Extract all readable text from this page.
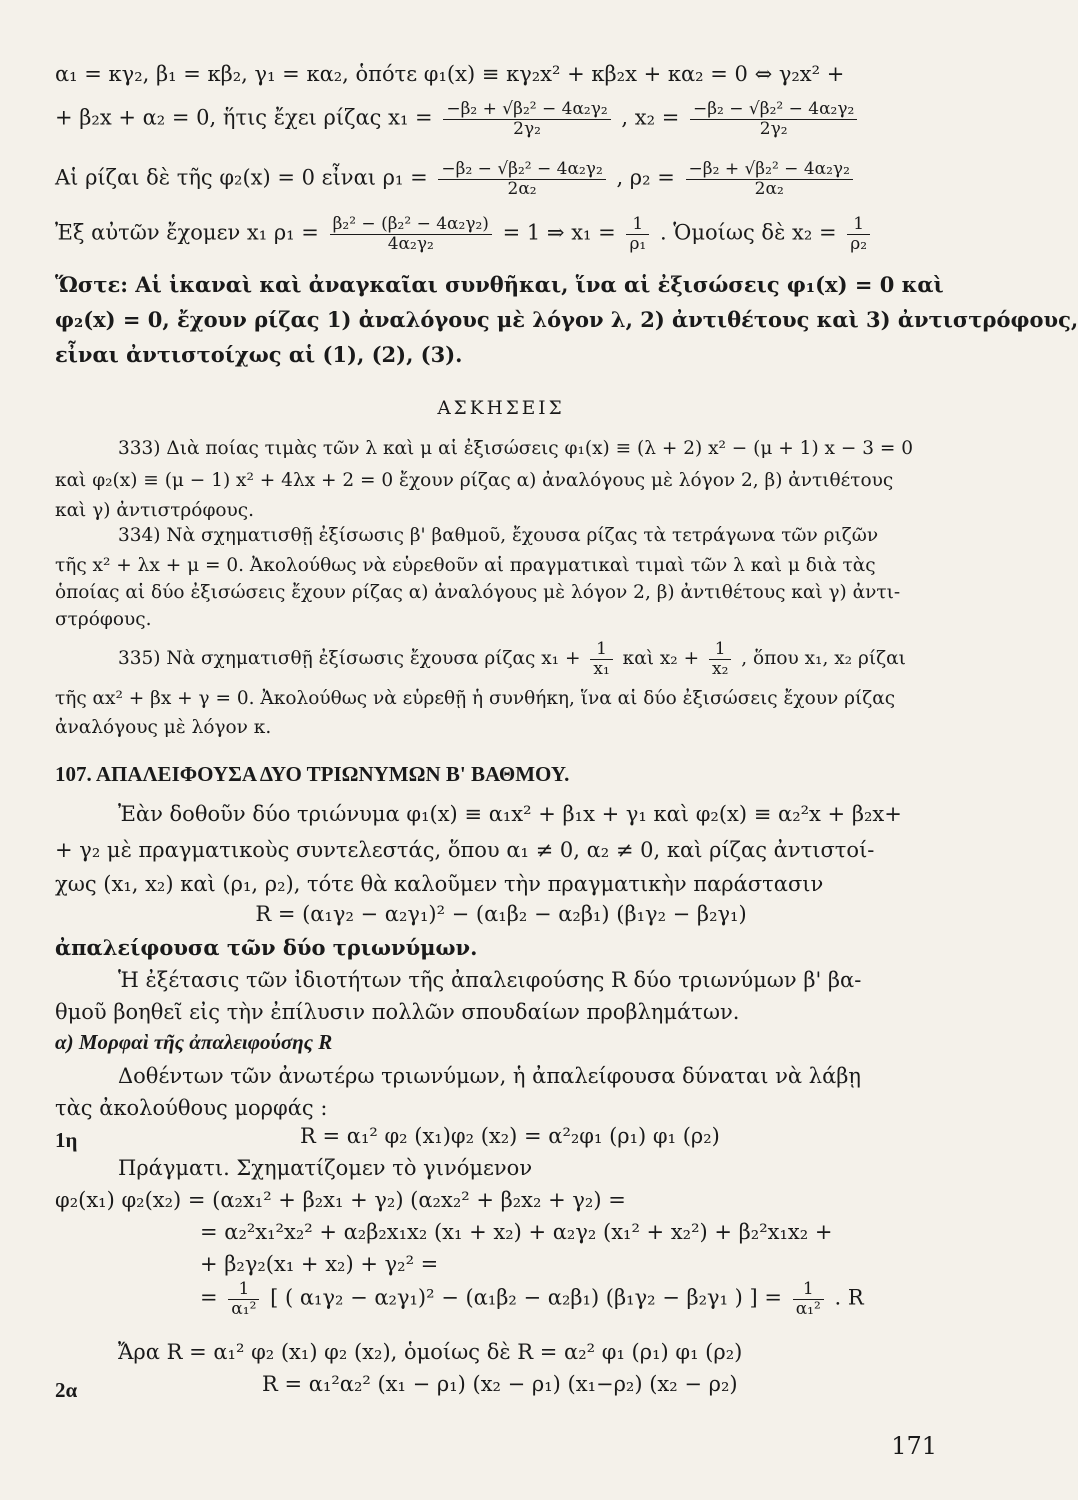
α₁ = κγ₂, β₁ = κβ₂, γ₁ = κα₂, ὁπότε φ₁(x) ≡ κγ₂x² + κβ₂x + κα₂ = 0 ⇔ γ₂x² +
+ β₂x + α₂ = 0, ἥτις ἔχει ρίζας $x_1 = \frac{\text{−β₂ + √β₂² − 4α₂γ₂}}{\text{2γ₂}}$ , $x_2 = \frac{\text{−β₂ − √β₂² − 4α₂γ₂}}{\text{2γ₂}}$
Αἱ ρίζαι δὲ τῆς φ₂(x) = 0 εἶναι $\rho_1 = \frac{\text{−β₂ − √β₂² − 4α₂γ₂}}{\text{2α₂}}$ , $\rho_2 = \frac{\text{−β₂ + √β₂² − 4α₂γ₂}}{\text{2α₂}}$
Ἐξ αὐτῶν ἔχομεν x₁ $\rho_1 = \frac{\text{β₂² − (β₂² − 4α₂γ₂)}}{\text{4α₂γ₂}} = 1$ ⇒ $x_1 = \frac{1}{\text{ρ₁}}$ . Ὁμοίως δὲ $x_2 = \frac{1}{\text{ρ₂}}$
Ὥστε: Αἱ ἱκαναὶ καὶ ἀναγκαῖαι συνθῆκαι, ἵνα αἱ ἐξισώσεις φ₁(x) = 0 καὶ
φ₂(x) = 0, ἔχουν ρίζας 1) ἀναλόγους μὲ λόγον λ, 2) ἀντιθέτους καὶ 3) ἀντιστρόφους,
εἶναι ἀντιστοίχως αἱ (1), (2), (3).
ΑΣΚΗΣΕΙΣ
333) Διὰ ποίας τιμὰς τῶν λ καὶ μ αἱ ἐξισώσεις φ₁(x) ≡ (λ + 2) x² − (μ + 1) x − 3 = 0
καὶ φ₂(x) ≡ (μ − 1) x² + 4λx + 2 = 0 ἔχουν ρίζας α) ἀναλόγους μὲ λόγον 2, β) ἀντιθέτους
καὶ γ) ἀντιστρόφους.
334) Νὰ σχηματισθῇ ἐξίσωσις β' βαθμοῦ, ἔχουσα ρίζας τὰ τετράγωνα τῶν ριζῶν
τῆς x² + λx + μ = 0. Ἀκολούθως νὰ εὑρεθοῦν αἱ πραγματικαὶ τιμαὶ τῶν λ καὶ μ διὰ τὰς
ὁποίας αἱ δύο ἐξισώσεις ἔχουν ρίζας α) ἀναλόγους μὲ λόγον 2, β) ἀντιθέτους καὶ γ) ἀντι-
στρόφους.
335) Νὰ σχηματισθῇ ἐξίσωσις ἔχουσα ρίζας $x_1 + \frac{1}{\text{x₁}}$ καὶ $x_2 + \frac{1}{\text{x₂}}$ , ὅπου x₁, x₂ ρίζαι
τῆς αx² + βx + γ = 0. Ἀκολούθως νὰ εὑρεθῇ ἡ συνθήκη, ἵνα αἱ δύο ἐξισώσεις ἔχουν ρίζας
ἀναλόγους μὲ λόγον κ.
107. ΑΠΑΛΕΙΦΟΥΣΑ ΔΥΟ ΤΡΙΩΝΥΜΩΝ Β' ΒΑΘΜΟΥ.
Ἐὰν δοθοῦν δύο τριώνυμα φ₁(x) ≡ α₁x² + β₁x + γ₁ καὶ φ₂(x) ≡ α₂²x + β₂x+
+ γ₂ μὲ πραγματικοὺς συντελεστάς, ὅπου α₁ ≠ 0, α₂ ≠ 0, καὶ ρίζας ἀντιστοί-
χως (x₁, x₂) καὶ (ρ₁, ρ₂), τότε θὰ καλοῦμεν τὴν πραγματικὴν παράστασιν
R = (α₁γ₂ − α₂γ₁)² − (α₁β₂ − α₂β₁) (β₁γ₂ − β₂γ₁)
ἀπαλείφουσα τῶν δύο τριωνύμων.
Ἡ ἐξέτασις τῶν ἰδιοτήτων τῆς ἀπαλειφούσης R δύο τριωνύμων β' βα-
θμοῦ βοηθεῖ εἰς τὴν ἐπίλυσιν πολλῶν σπουδαίων προβλημάτων.
α) Μορφαὶ τῆς ἀπαλειφούσης R
Δοθέντων τῶν ἀνωτέρω τριωνύμων, ἡ ἀπαλείφουσα δύναται νὰ λάβῃ
τὰς ἀκολούθους μορφάς :
1η	R = α₁² φ₂ (x₁)φ₂ (x₂) = α²₂φ₁ (ρ₁) φ₁ (ρ₂)
Πράγματι. Σχηματίζομεν τὸ γινόμενον
φ₂(x₁) φ₂(x₂) = (α₂x₁² + β₂x₁ + γ₂) (α₂x₂² + β₂x₂ + γ₂) =
= α₂²x₁²x₂² + α₂β₂x₁x₂ (x₁ + x₂) + α₂γ₂ (x₁² + x₂²) + β₂²x₁x₂ +
+ β₂γ₂(x₁ + x₂) + γ₂² =
= $\frac{1}{\text{α₁²}}$ [ ( α₁γ₂ − α₂γ₁)² − (α₁β₂ − α₂β₁) (β₁γ₂ − β₂γ₁ ) ] = $\frac{1}{\text{α₁²}}$ . R
Ἄρα R = α₁² φ₂ (x₁) φ₂ (x₂), ὁμοίως δὲ R = α₂² φ₁ (ρ₁) φ₁ (ρ₂)
2α	R = α₁²α₂² (x₁ − ρ₁) (x₂ − ρ₁) (x₁−ρ₂) (x₂ − ρ₂)
171
